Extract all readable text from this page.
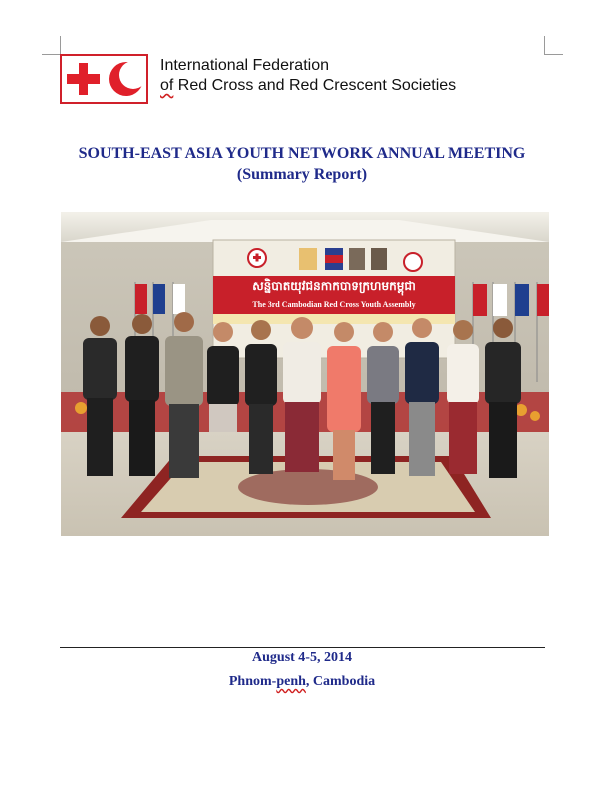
International Federation
of Red Cross and Red Crescent Societies
SOUTH-EAST ASIA YOUTH NETWORK ANNUAL MEETING
(Summary Report)
សន្និបាតយុវជនកាកបាទក្រហមកម្ពុជា
The 3rd Cambodian Red Cross Youth Assembly
August 4-5, 2014
Phnom-penh, Cambodia
